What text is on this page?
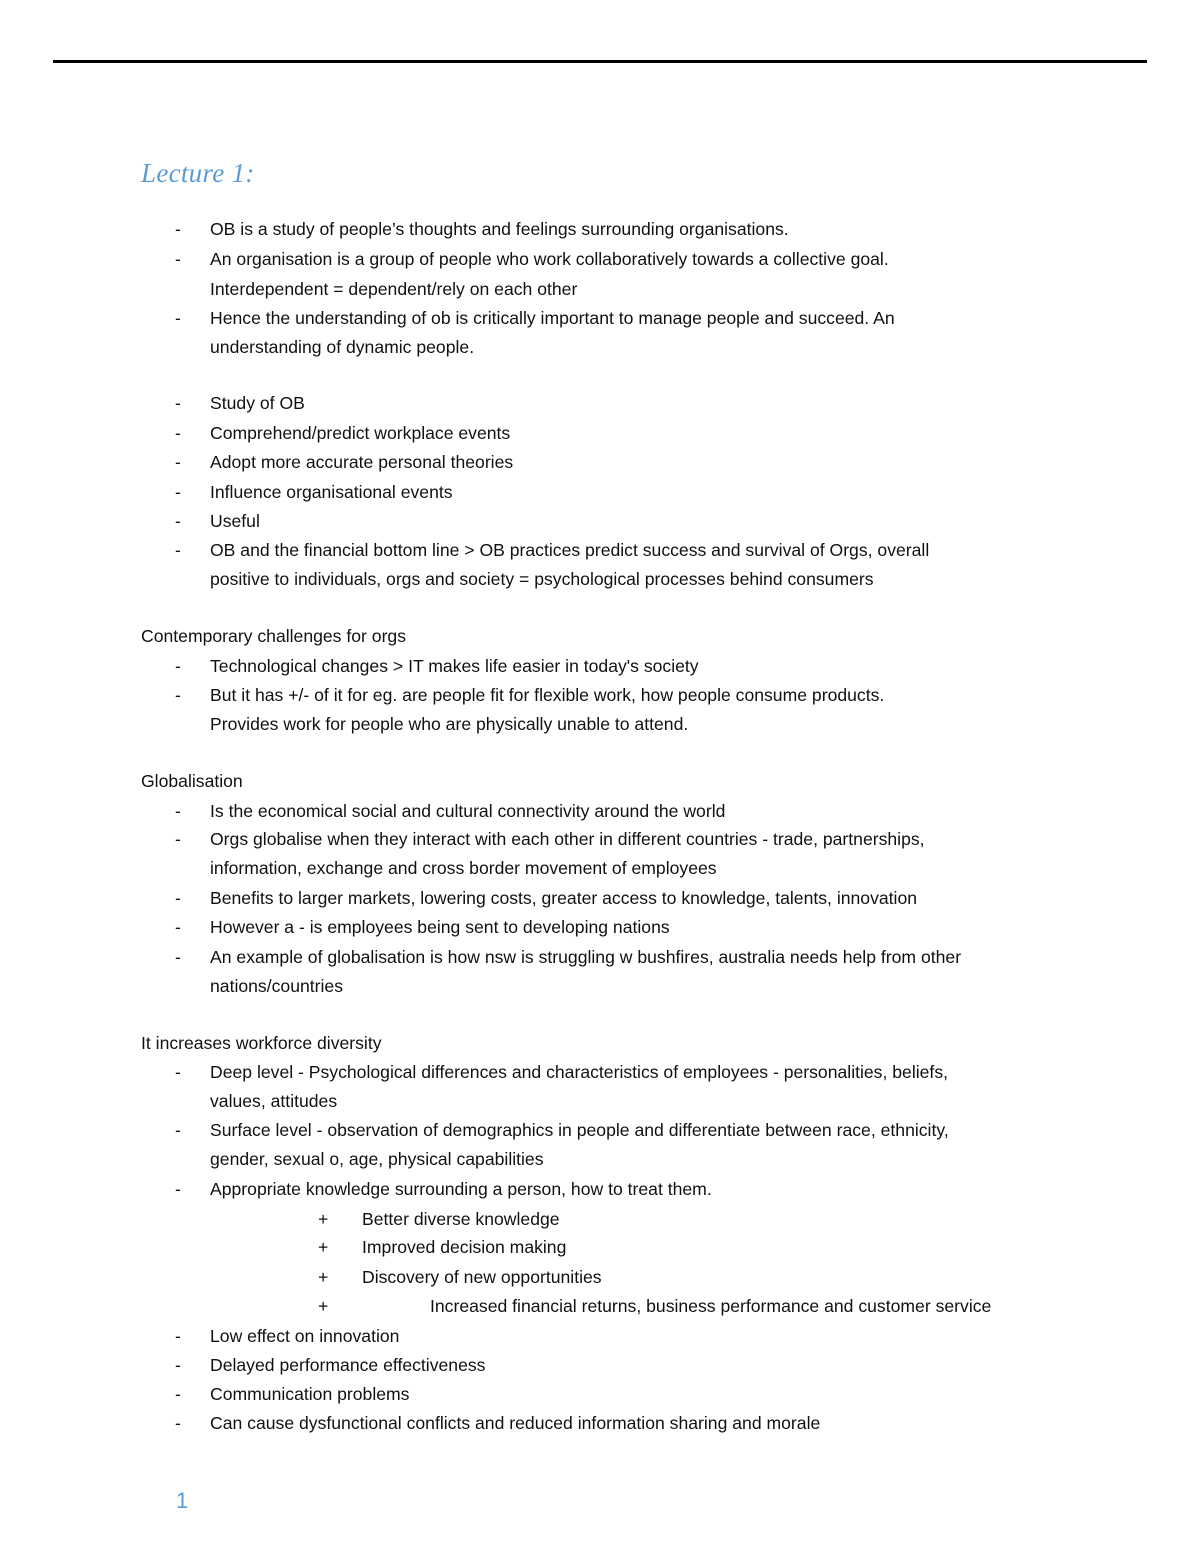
Lecture 1:
- OB is a study of people’s thoughts and feelings surrounding organisations.
- An organisation is a group of people who work collaboratively towards a collective goal.
Interdependent = dependent/rely on each other
- Hence the understanding of ob is critically important to manage people and succeed. An
understanding of dynamic people.
- Study of OB
- Comprehend/predict workplace events
- Adopt more accurate personal theories
- Influence organisational events
- Useful
- OB and the financial bottom line > OB practices predict success and survival of Orgs, overall
positive to individuals, orgs and society = psychological processes behind consumers
Contemporary challenges for orgs
- Technological changes > IT makes life easier in today's society
- But it has +/- of it for eg. are people fit for flexible work, how people consume products.
Provides work for people who are physically unable to attend.
Globalisation
- Is the economical social and cultural connectivity around the world
- Orgs globalise when they interact with each other in different countries - trade, partnerships,
information, exchange and cross border movement of employees
- Benefits to larger markets, lowering costs, greater access to knowledge, talents, innovation
- However a - is employees being sent to developing nations
- An example of globalisation is how nsw is struggling w bushfires, australia needs help from other
nations/countries
It increases workforce diversity
- Deep level - Psychological differences and characteristics of employees - personalities, beliefs,
values, attitudes
- Surface level - observation of demographics in people and differentiate between race, ethnicity,
gender, sexual o, age, physical capabilities
- Appropriate knowledge surrounding a person, how to treat them.
+ Better diverse knowledge
+ Improved decision making
+ Discovery of new opportunities
+	Increased financial returns, business performance and customer service
- Low effect on innovation
- Delayed performance effectiveness
- Communication problems
- Can cause dysfunctional conflicts and reduced information sharing and morale
1
